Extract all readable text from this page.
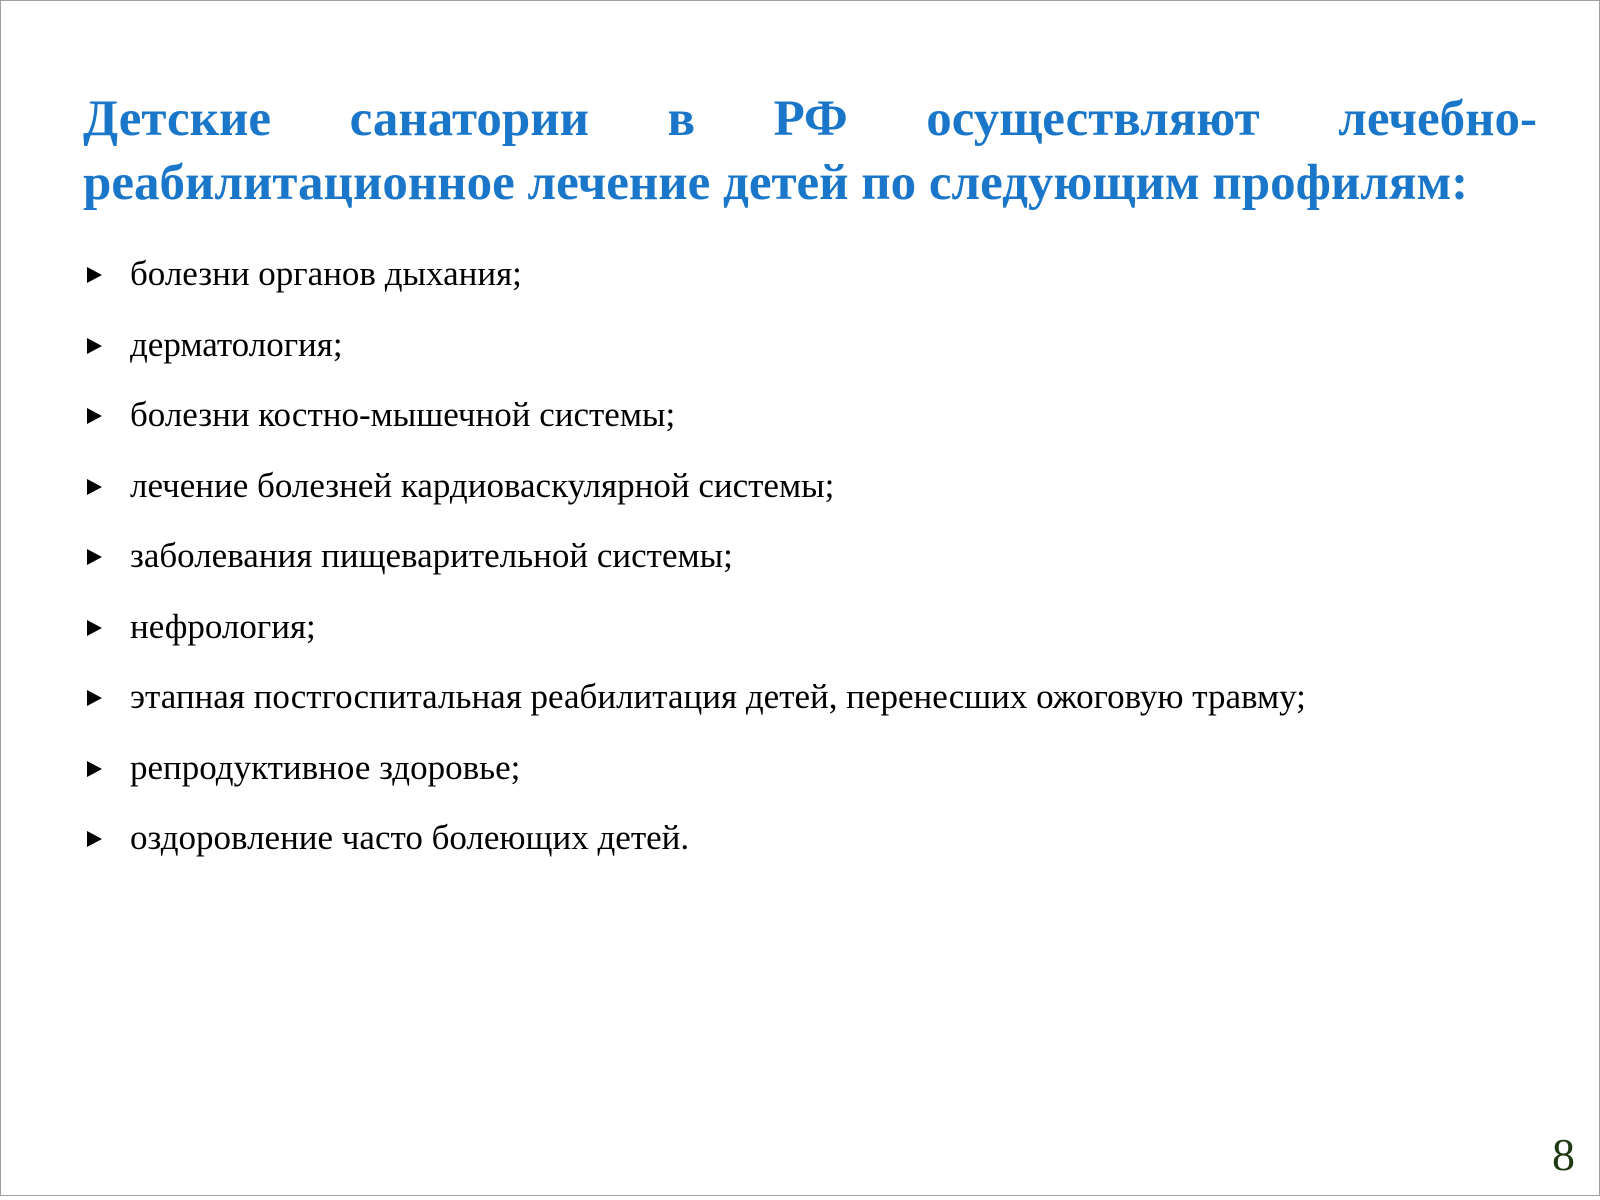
Детские санатории в РФ осуществляют лечебно-реабилитационное лечение детей по следующим профилям:
болезни органов дыхания;
дерматология;
болезни костно-мышечной системы;
лечение болезней кардиоваскулярной системы;
заболевания пищеварительной системы;
нефрология;
этапная постгоспитальная реабилитация детей, перенесших ожоговую травму;
репродуктивное здоровье;
оздоровление часто болеющих детей.
8
